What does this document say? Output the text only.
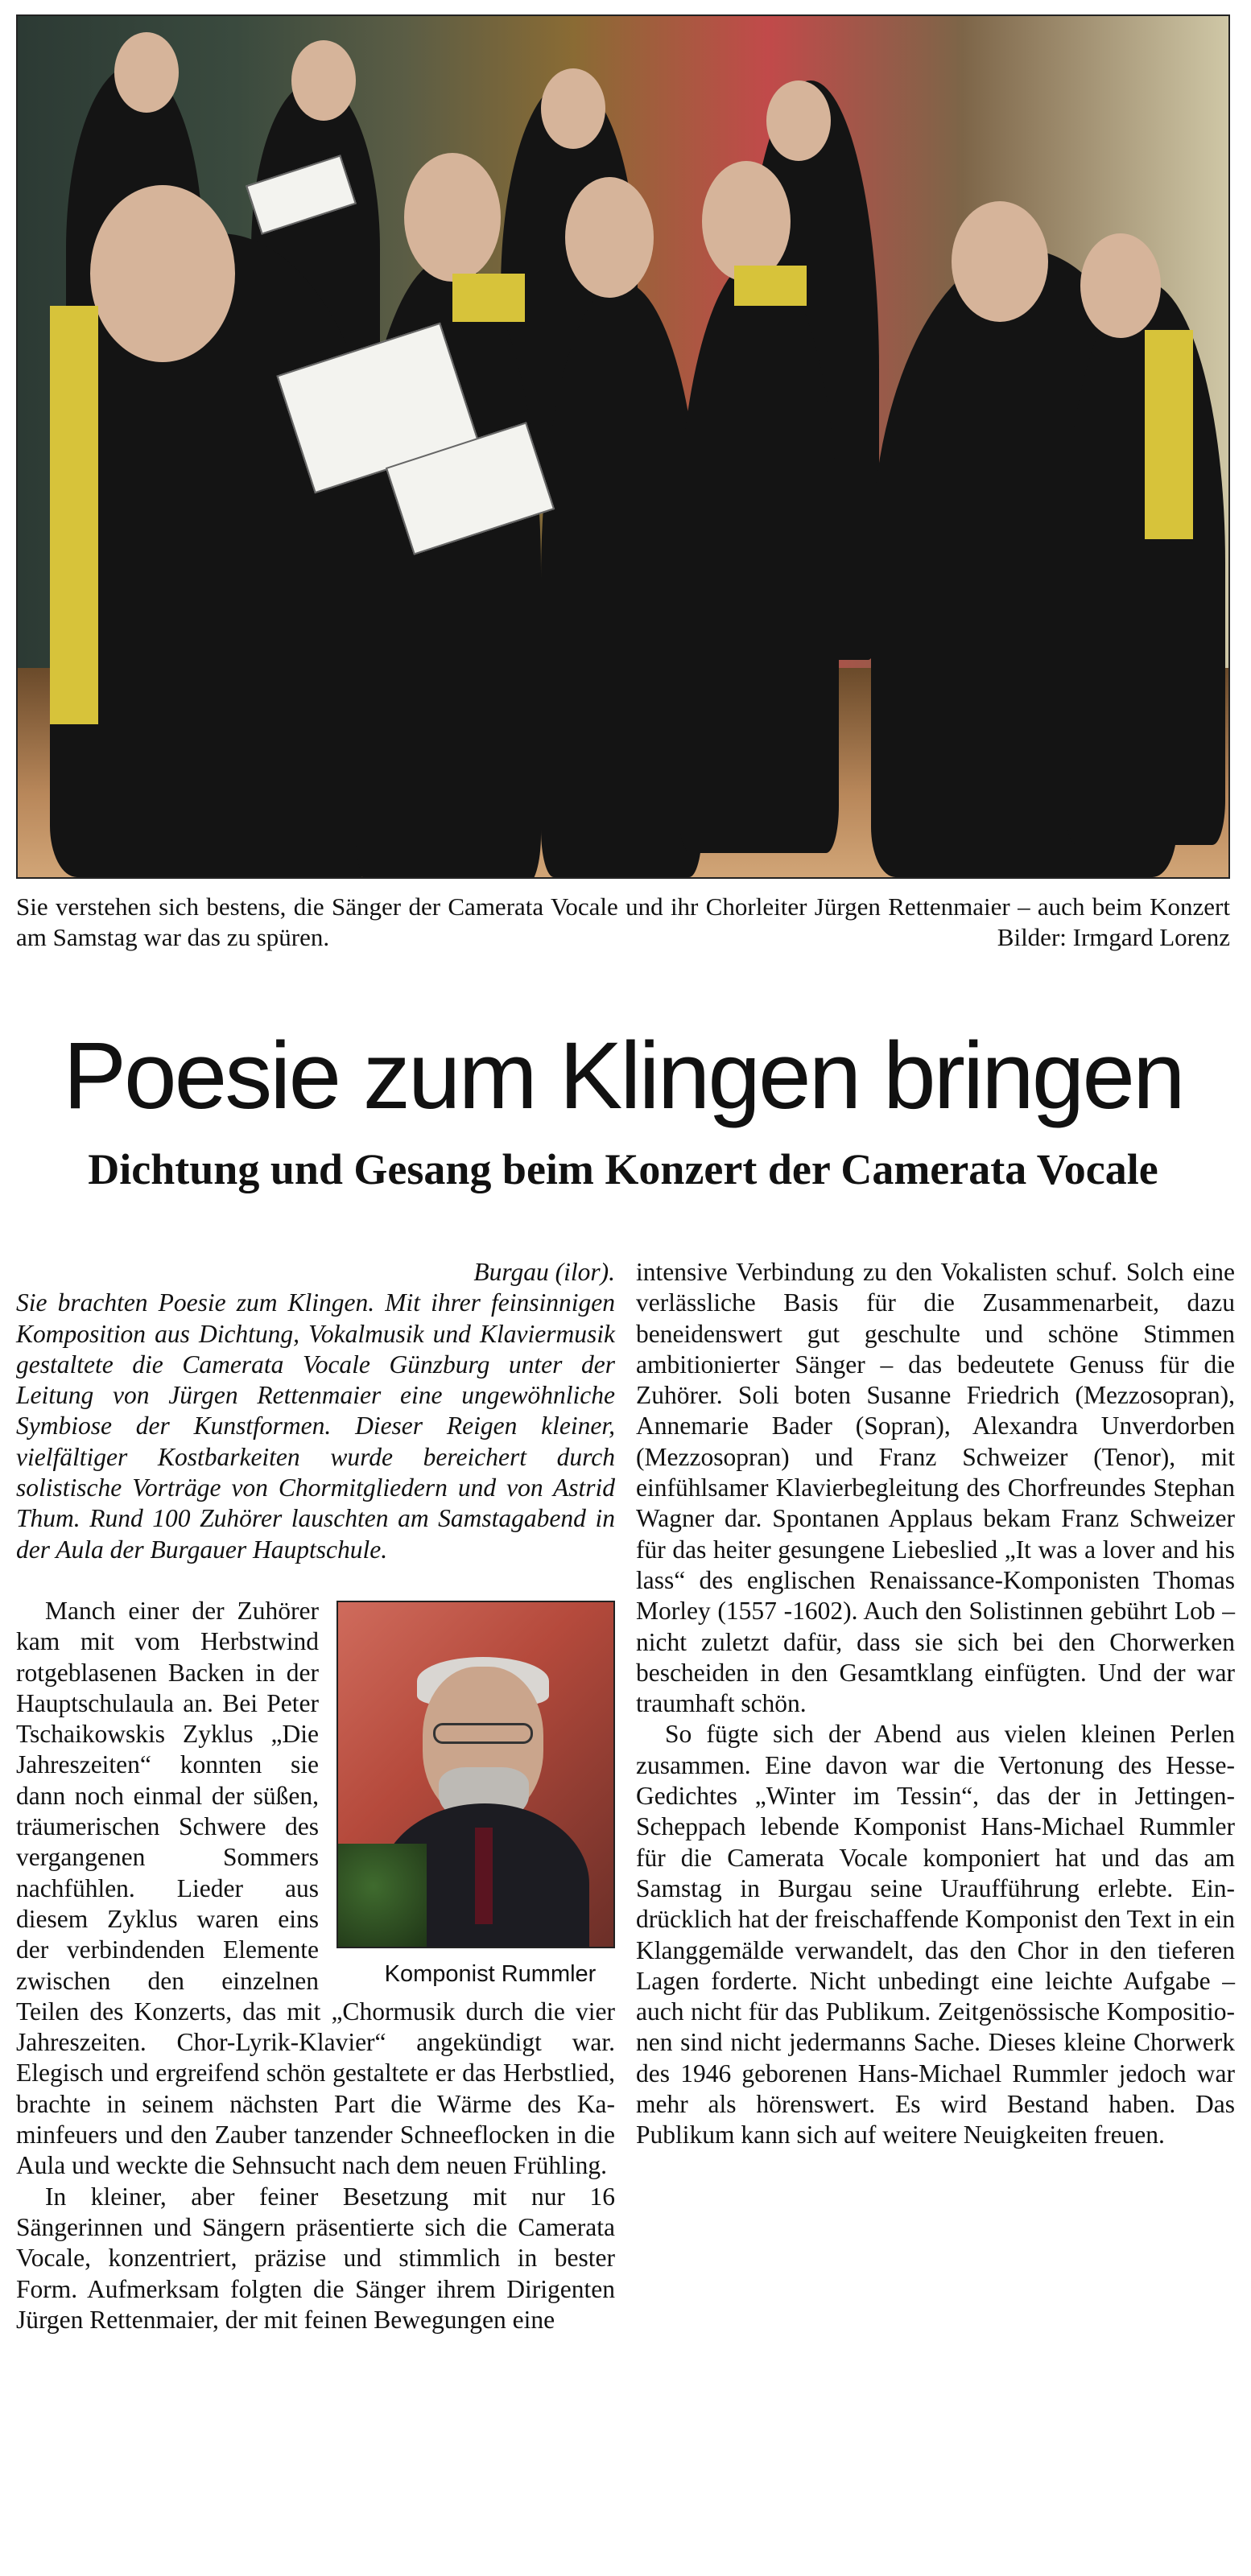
Sie verstehen sich bestens, die Sänger der Camerata Vocale und ihr Chorleiter Jürgen Rettenmaier – auch beim Konzert am Samstag war das zu spüren.	Bilder: Irmgard Lorenz
Poesie zum Klingen bringen
Dichtung und Gesang beim Konzert der Camerata Vocale

Burgau (ilor).
Sie brachten Poesie zum Klingen. Mit ihrer feinsinnigen Komposition aus Dichtung, Vokalmusik und Klaviermusik gestaltete die Camerata Vocale Günzburg unter der Leitung von Jürgen Rettenmaier eine ungewöhnliche Symbiose der Kunstformen. Dieser Reigen kleiner, vielfältiger Kostbarkeiten wurde bereichert durch solistische Vorträge von Chormitgliedern und von Astrid Thum. Rund 100 Zuhörer lauschten am Samstagabend in der Aula der Burgauer Hauptschule.

Komponist Rummler
Manch einer der Zuhörer kam mit vom Herbstwind rotgeblasenen Backen in der Hauptschulaula an. Bei Peter Tschaikowskis Zyklus „Die Jahreszeiten“ konnten sie dann noch einmal der süßen, träumerischen Schwere des vergangenen Sommers nachfühlen. Lieder aus diesem Zyklus waren eins der verbindenden Elemente zwischen den einzelnen Teilen des Konzerts, das mit „Chormusik durch die vier Jahreszeiten. Chor-Lyrik-Klavier“ angekündigt war. Elegisch und ergreifend schön gestaltete er das Herbstlied, brachte in seinem nächsten Part die Wärme des Kaminfeuers und den Zauber tanzender Schneeflocken in die Aula und weckte die Sehnsucht nach dem neuen Frühling.

In kleiner, aber feiner Besetzung mit nur 16 Sängerinnen und Sängern präsentierte sich die Camerata Vocale, konzentriert, präzise und stimmlich in bester Form. Aufmerksam folgten die Sänger ihrem Dirigenten Jürgen Rettenmaier, der mit feinen Bewegungen eine

intensive Verbindung zu den Vokalisten schuf. Solch eine verlässliche Basis für die Zusammenarbeit, dazu beneidenswert gut geschulte und schöne Stimmen ambitionierter Sänger – das bedeutete Genuss für die Zuhörer. Soli boten Susanne Friedrich (Mezzosopran), Annemarie Bader (Sopran), Alexandra Unverdorben (Mezzosopran) und Franz Schweizer (Tenor), mit einfühlsamer Klavierbegleitung des Chorfreundes Stephan Wagner dar. Spontanen Applaus bekam Franz Schweizer für das heiter gesungene Liebeslied „It was a lover and his lass“ des englischen Renaissance-Komponisten Thomas Morley (1557 -1602). Auch den Solistinnen gebührt Lob – nicht zuletzt dafür, dass sie sich bei den Chorwerken bescheiden in den Gesamtklang einfügten. Und der war traumhaft schön.

So fügte sich der Abend aus vielen kleinen Perlen zusammen. Eine davon war die Vertonung des Hesse-Gedichtes „Winter im Tessin“, das der in Jettingen-Scheppach lebende Komponist Hans-Michael Rummler für die Camerata Vocale komponiert hat und das am Samstag in Burgau seine Uraufführung erlebte. Eindrücklich hat der freischaffende Komponist den Text in ein Klanggemälde verwandelt, das den Chor in den tieferen Lagen forderte. Nicht unbedingt eine leichte Aufgabe – auch nicht für das Publikum. Zeitgenössische Kompositionen sind nicht jedermanns Sache. Dieses kleine Chorwerk des 1946 geborenen Hans-Michael Rummler jedoch war mehr als hörenswert. Es wird Bestand haben. Das Publikum kann sich auf weitere Neuigkeiten freuen.
